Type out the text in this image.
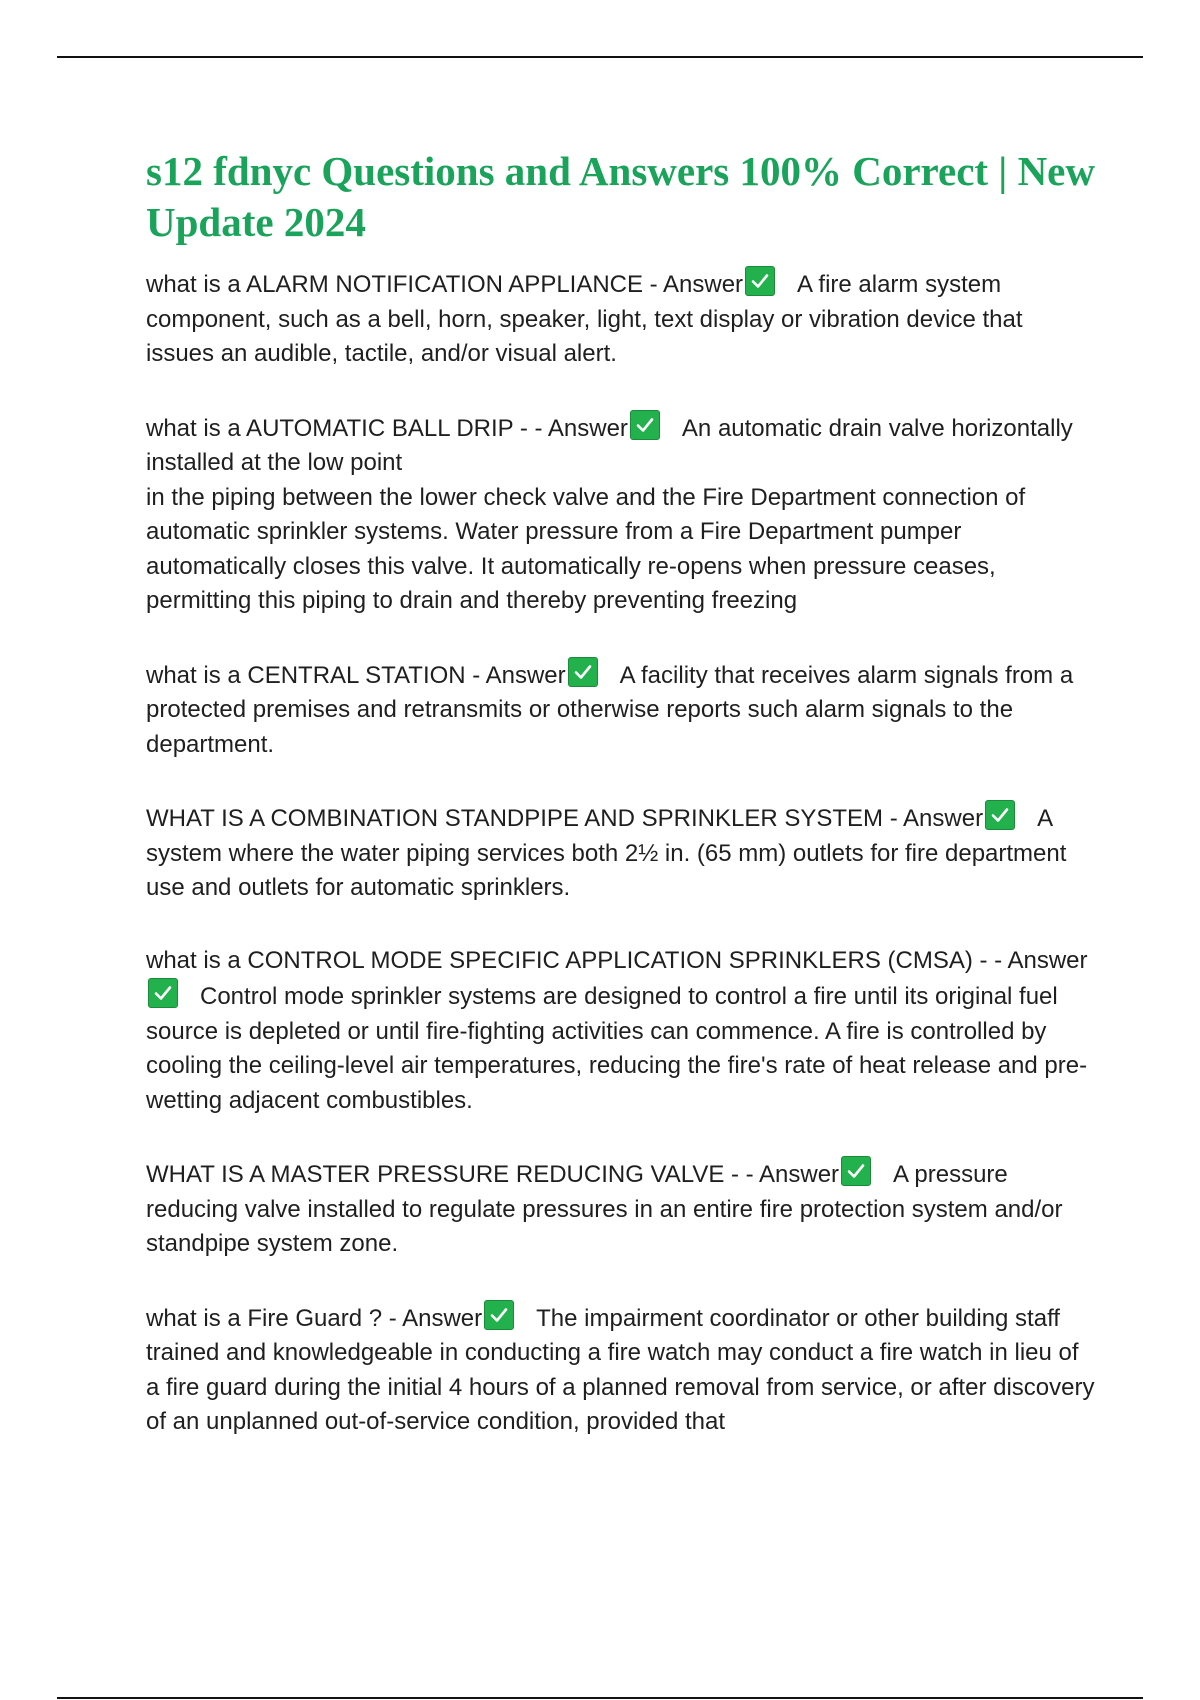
s12 fdnyc Questions and Answers 100% Correct | New Update 2024

what is a ALARM NOTIFICATION APPLIANCE - Answer A fire alarm system component, such as a bell, horn, speaker, light, text display or vibration device that issues an audible, tactile, and/or visual alert.

what is a AUTOMATIC BALL DRIP - - Answer An automatic drain valve horizontally installed at the low point

in the piping between the lower check valve and the Fire Department connection of automatic sprinkler systems. Water pressure from a Fire Department pumper automatically closes this valve. It automatically re-opens when pressure ceases, permitting this piping to drain and thereby preventing freezing

what is a CENTRAL STATION - Answer A facility that receives alarm signals from a protected premises and retransmits or otherwise reports such alarm signals to the department.

WHAT IS A COMBINATION STANDPIPE AND SPRINKLER SYSTEM - Answer A system where the water piping services both 2½ in. (65 mm) outlets for fire department use and outlets for automatic sprinklers.

what is a CONTROL MODE SPECIFIC APPLICATION SPRINKLERS (CMSA) - - Answer
Control mode sprinkler systems are designed to control a fire until its original fuel source is depleted or until fire-fighting activities can commence. A fire is controlled by cooling the ceiling-level air temperatures, reducing the fire's rate of heat release and pre-wetting adjacent combustibles.

WHAT IS A MASTER PRESSURE REDUCING VALVE - - Answer A pressure reducing valve installed to regulate pressures in an entire fire protection system and/or standpipe system zone.

what is a Fire Guard ? - Answer The impairment coordinator or other building staff trained and knowledgeable in conducting a fire watch may conduct a fire watch in lieu of a fire guard during the initial 4 hours of a planned removal from service, or after discovery of an unplanned out-of-service condition, provided that
